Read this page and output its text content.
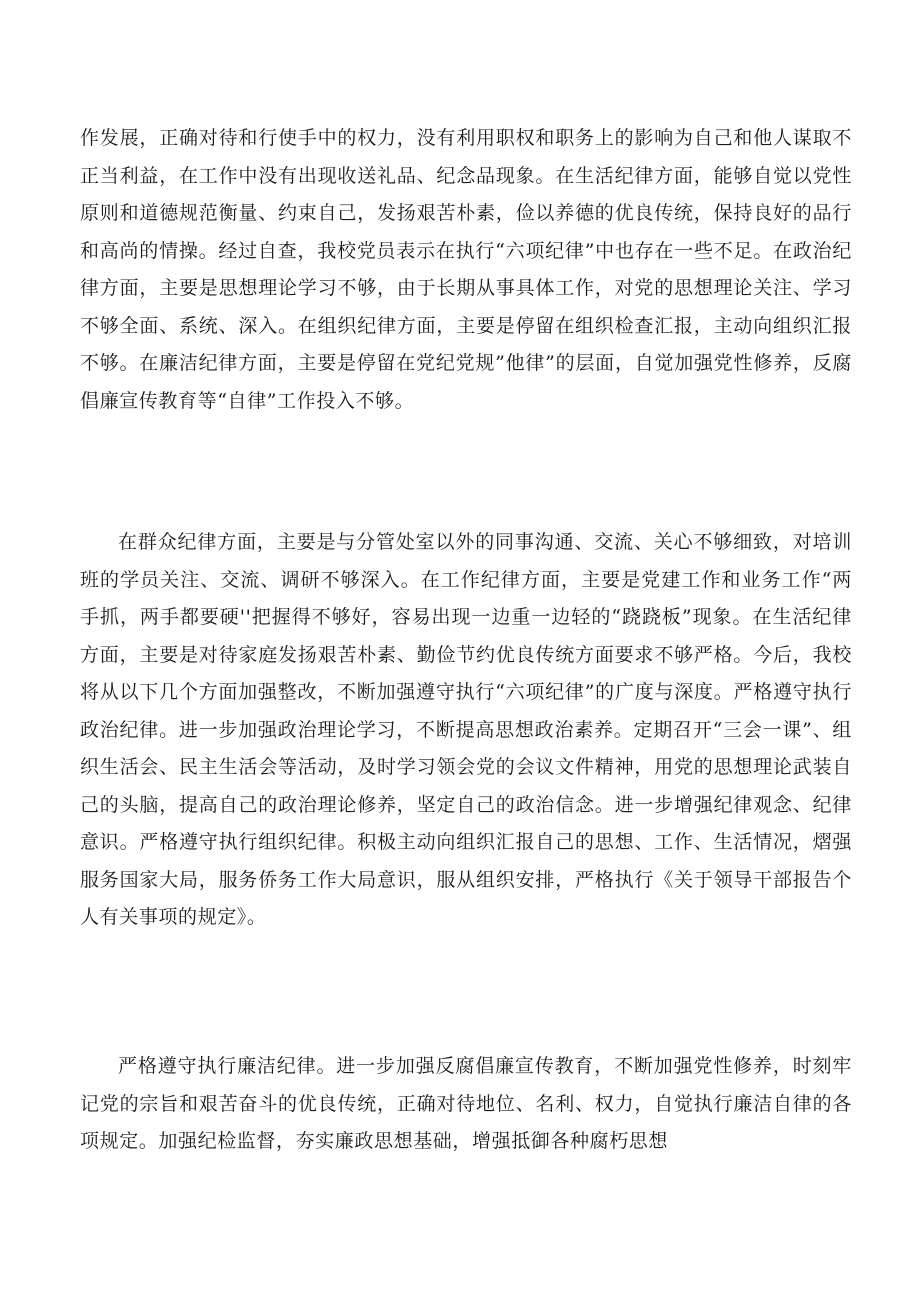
作发展，正确对待和行使手中的权力，没有利用职权和职务上的影响为自己和他人谋取不正当利益，在工作中没有出现收送礼品、纪念品现象。在生活纪律方面，能够自觉以党性原则和道德规范衡量、约束自己，发扬艰苦朴素，俭以养德的优良传统，保持良好的品行和高尚的情操。经过自查，我校党员表示在执行“六项纪律”中也存在一些不足。在政治纪律方面，主要是思想理论学习不够，由于长期从事具体工作，对党的思想理论关注、学习不够全面、系统、深入。在组织纪律方面，主要是停留在组织检查汇报，主动向组织汇报不够。在廉洁纪律方面，主要是停留在党纪党规”他律”的层面，自觉加强党性修养，反腐倡廉宣传教育等“自律”工作投入不够。

在群众纪律方面，主要是与分管处室以外的同事沟通、交流、关心不够细致，对培训班的学员关注、交流、调研不够深入。在工作纪律方面，主要是党建工作和业务工作“两手抓，两手都要硬''把握得不够好，容易出现一边重一边轻的“跷跷板”现象。在生活纪律方面，主要是对待家庭发扬艰苦朴素、勤俭节约优良传统方面要求不够严格。今后，我校将从以下几个方面加强整改，不断加强遵守执行“六项纪律”的广度与深度。严格遵守执行政治纪律。进一步加强政治理论学习，不断提高思想政治素养。定期召开“三会一课”、组织生活会、民主生活会等活动，及时学习领会党的会议文件精神，用党的思想理论武装自己的头脑，提高自己的政治理论修养，坚定自己的政治信念。进一步增强纪律观念、纪律意识。严格遵守执行组织纪律。积极主动向组织汇报自己的思想、工作、生活情况，熠强服务国家大局，服务侨务工作大局意识，服从组织安排，严格执行《关于领导干部报告个人有关事项的规定》。

严格遵守执行廉洁纪律。进一步加强反腐倡廉宣传教育，不断加强党性修养，时刻牢记党的宗旨和艰苦奋斗的优良传统，正确对待地位、名利、权力，自觉执行廉洁自律的各项规定。加强纪检监督，夯实廉政思想基础，增强抵御各种腐朽思想
